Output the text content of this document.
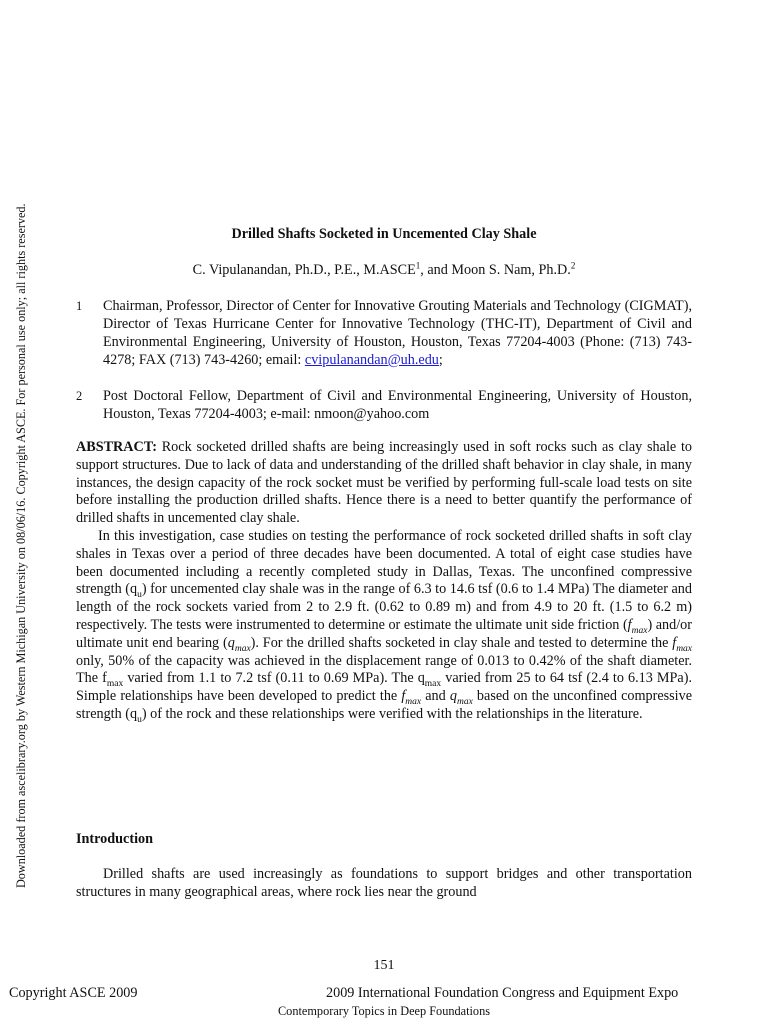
Downloaded from ascelibrary.org by Western Michigan University on 08/06/16. Copyright ASCE. For personal use only; all rights reserved.	Drilled Shafts Socketed in Uncemented Clay Shale
C. Vipulanandan, Ph.D., P.E., M.ASCE$^1$, and Moon S. Nam, Ph.D.$^2$
1 Chairman, Professor, Director of Center for Innovative Grouting Materials and Technology (CIGMAT), Director of Texas Hurricane Center for Innovative Technology (THC-IT), Department of Civil and Environmental Engineering, University of Houston, Houston, Texas 77204-4003 (Phone: (713) 743-4278; FAX (713) 743-4260; email: cvipulanandan@uh.edu;
2 Post Doctoral Fellow, Department of Civil and Environmental Engineering, University of Houston, Houston, Texas 77204-4003; e-mail: nmoon@yahoo.com

ABSTRACT: Rock socketed drilled shafts are being increasingly used in soft rocks such as clay shale to support structures. Due to lack of data and understanding of the drilled shaft behavior in clay shale, in many instances, the design capacity of the rock socket must be verified by performing full-scale load tests on site before installing the production drilled shafts. Hence there is a need to better quantify the performance of drilled shafts in uncemented clay shale.

In this investigation, case studies on testing the performance of rock socketed drilled shafts in soft clay shales in Texas over a period of three decades have been documented. A total of eight case studies have been documented including a recently completed study in Dallas, Texas. The unconfined compressive strength $(q_u)$ for uncemented clay shale was in the range of 6.3 to 14.6 tsf (0.6 to 1.4 MPa) The diameter and length of the rock sockets varied from 2 to 2.9 ft. (0.62 to 0.89 m) and from 4.9 to 20 ft. (1.5 to 6.2 m) respectively. The tests were instrumented to determine or estimate the ultimate unit side friction $(f_{max})$ and/or ultimate unit end bearing $(q_{max})$. For the drilled shafts socketed in clay shale and tested to determine the $f_{max}$ only, 50% of the capacity was achieved in the displacement range of 0.013 to 0.42% of the shaft diameter. The $f_{max}$ varied from 1.1 to 7.2 tsf (0.11 to 0.69 MPa). The $q_{max}$ varied from 25 to 64 tsf (2.4 to 6.13 MPa). Simple relationships have been developed to predict the $f_{max}$ and $q_{max}$ based on the unconfined compressive strength $(q_u)$ of the rock and these relationships were verified with the relationships in the literature.

Introduction

Drilled shafts are used increasingly as foundations to support bridges and other transportation structures in many geographical areas, where rock lies near the ground

151
Copyright ASCE 2009	2009 International Foundation Congress and Equipment Expo
Contemporary Topics in Deep Foundations
